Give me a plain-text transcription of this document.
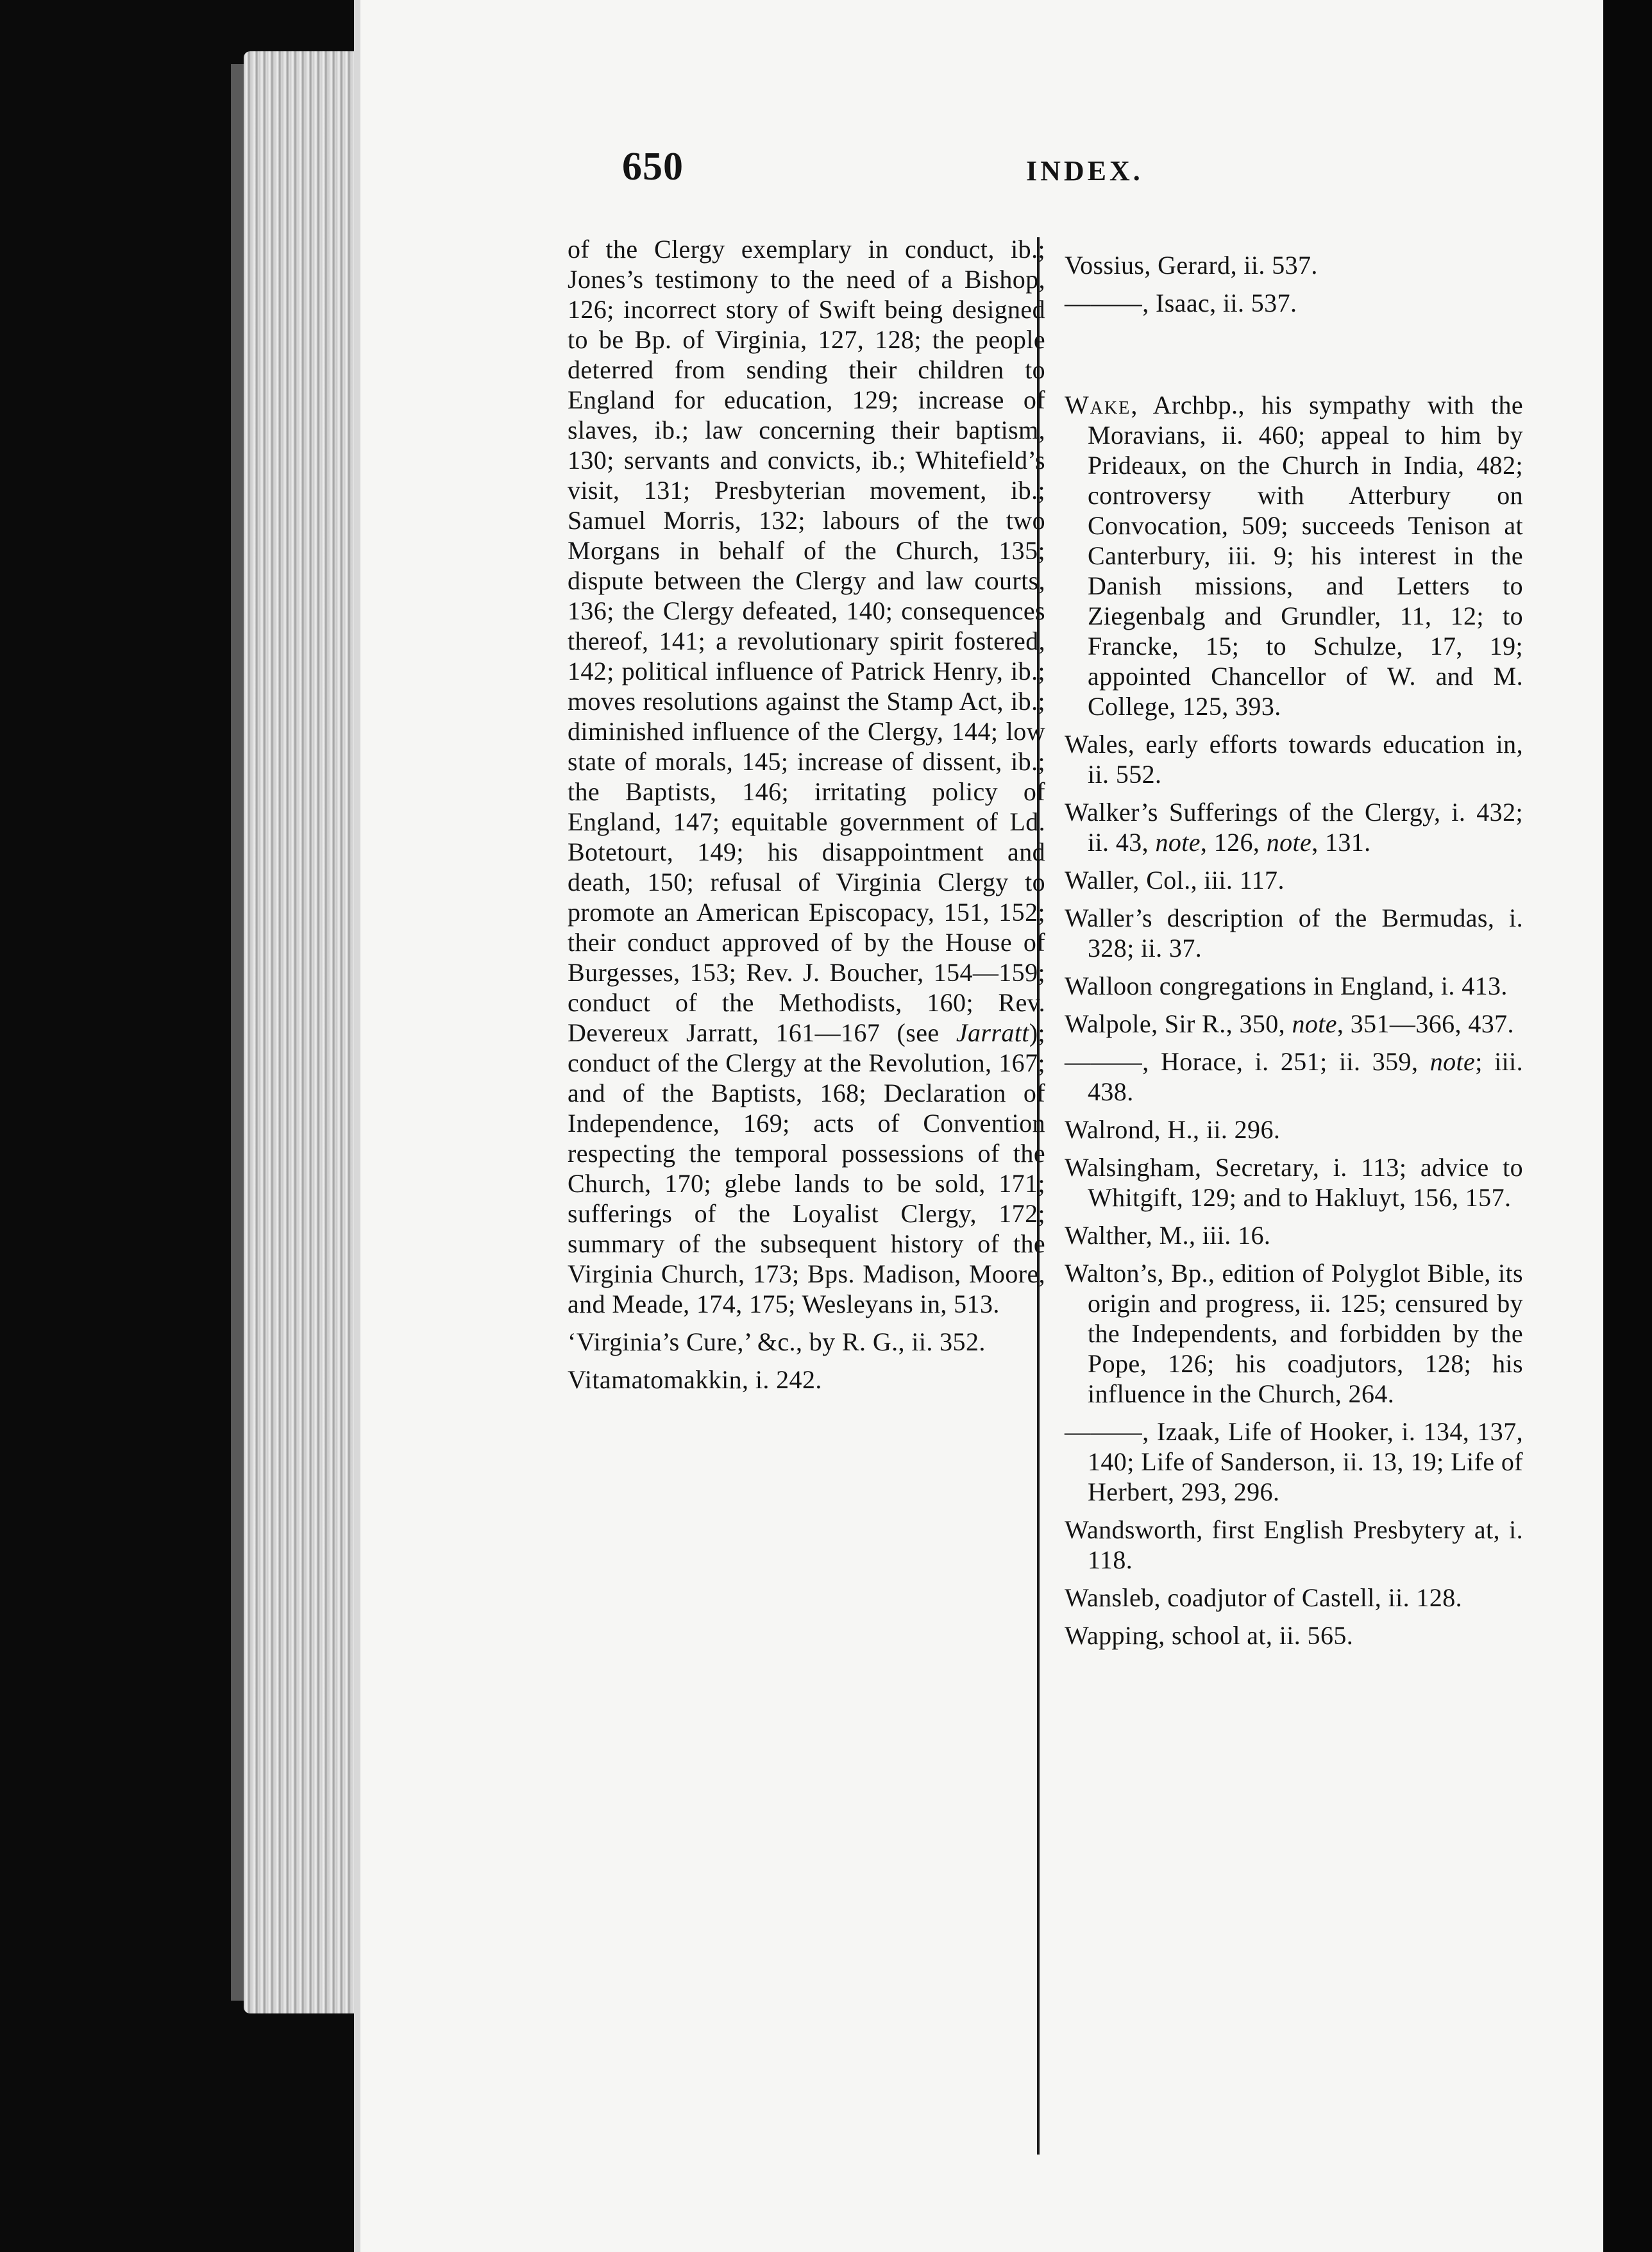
650	INDEX.
of the Clergy exemplary in conduct, ib.; Jones’s testimony to the need of a Bishop, 126; incorrect story of Swift being designed to be Bp. of Virginia, 127, 128; the people deterred from sending their children to England for education, 129; increase of slaves, ib.; law concerning their baptism, 130; servants and convicts, ib.; Whitefield’s visit, 131; Presbyterian movement, ib.; Samuel Morris, 132; labours of the two Morgans in behalf of the Church, 135; dispute between the Clergy and law courts, 136; the Clergy defeated, 140; consequences thereof, 141; a revolutionary spirit fostered, 142; political influence of Patrick Henry, ib.; moves resolutions against the Stamp Act, ib.; diminished influence of the Clergy, 144; low state of morals, 145; increase of dissent, ib.; the Baptists, 146; irritating policy of England, 147; equitable government of Ld. Botetourt, 149; his disappointment and death, 150; refusal of Virginia Clergy to promote an American Episcopacy, 151, 152; their conduct approved of by the House of Burgesses, 153; Rev. J. Boucher, 154—159; conduct of the Methodists, 160; Rev. Devereux Jarratt, 161—167 (see Jarratt); conduct of the Clergy at the Revolution, 167; and of the Baptists, 168; Declaration of Independence, 169; acts of Convention respecting the temporal possessions of the Church, 170; glebe lands to be sold, 171; sufferings of the Loyalist Clergy, 172; summary of the subsequent history of the Virginia Church, 173; Bps. Madison, Moore, and Meade, 174, 175; Wesleyans in, 513.
‘Virginia’s Cure,’ &c., by R. G., ii. 352.
Vitamatomakkin, i. 242.
Vossius, Gerard, ii. 537.
———, Isaac, ii. 537.
Wake, Archbp., his sympathy with the Moravians, ii. 460; appeal to him by Prideaux, on the Church in India, 482; controversy with Atterbury on Convocation, 509; succeeds Tenison at Canterbury, iii. 9; his interest in the Danish missions, and Letters to Ziegenbalg and Grundler, 11, 12; to Francke, 15; to Schulze, 17, 19; appointed Chancellor of W. and M. College, 125, 393.
Wales, early efforts towards education in, ii. 552.
Walker’s Sufferings of the Clergy, i. 432; ii. 43, note, 126, note, 131.
Waller, Col., iii. 117.
Waller’s description of the Bermudas, i. 328; ii. 37.
Walloon congregations in England, i. 413.
Walpole, Sir R., 350, note, 351—366, 437.
———, Horace, i. 251; ii. 359, note; iii. 438.
Walrond, H., ii. 296.
Walsingham, Secretary, i. 113; advice to Whitgift, 129; and to Hakluyt, 156, 157.
Walther, M., iii. 16.
Walton’s, Bp., edition of Polyglot Bible, its origin and progress, ii. 125; censured by the Independents, and forbidden by the Pope, 126; his coadjutors, 128; his influence in the Church, 264.
———, Izaak, Life of Hooker, i. 134, 137, 140; Life of Sanderson, ii. 13, 19; Life of Herbert, 293, 296.
Wandsworth, first English Presbytery at, i. 118.
Wansleb, coadjutor of Castell, ii. 128.
Wapping, school at, ii. 565.
